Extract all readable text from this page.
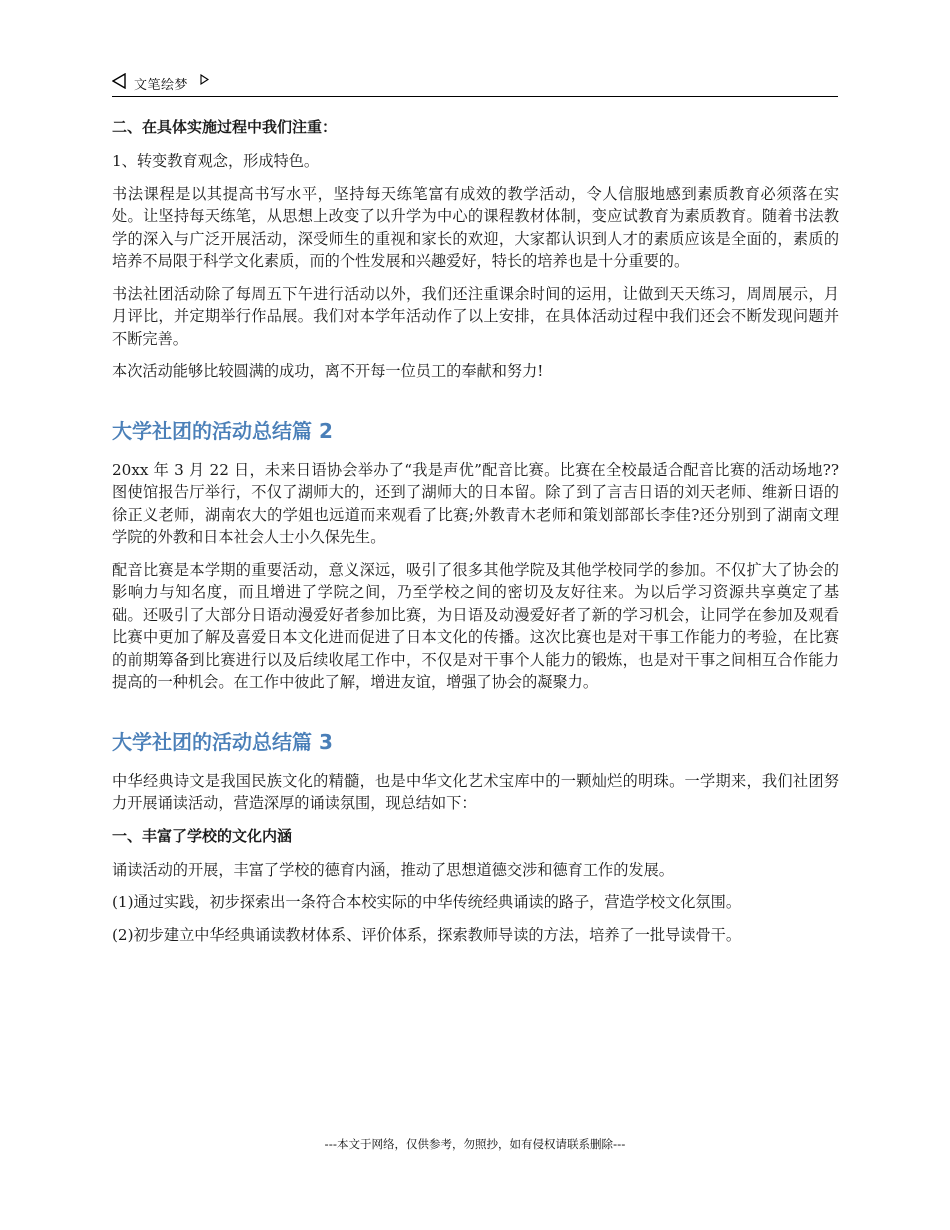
文笔绘梦
二、在具体实施过程中我们注重：

1、转变教育观念，形成特色。

书法课程是以其提高书写水平，坚持每天练笔富有成效的教学活动，令人信服地感到素质教育必须落在实处。让坚持每天练笔，从思想上改变了以升学为中心的课程教材体制，变应试教育为素质教育。随着书法教学的深入与广泛开展活动，深受师生的重视和家长的欢迎，大家都认识到人才的素质应该是全面的，素质的培养不局限于科学文化素质，而的个性发展和兴趣爱好，特长的培养也是十分重要的。

书法社团活动除了每周五下午进行活动以外，我们还注重课余时间的运用，让做到天天练习，周周展示，月月评比，并定期举行作品展。我们对本学年活动作了以上安排，在具体活动过程中我们还会不断发现问题并不断完善。

本次活动能够比较圆满的成功，离不开每一位员工的奉献和努力!

大学社团的活动总结篇 2

20xx 年 3 月 22 日，未来日语协会举办了“我是声优”配音比赛。比赛在全校最适合配音比赛的活动场地??图使馆报告厅举行，不仅了湖师大的，还到了湖师大的日本留。除了到了言吉日语的刘天老师、维新日语的徐正义老师，湖南农大的学姐也远道而来观看了比赛;外教青木老师和策划部部长李佳?还分别到了湖南文理学院的外教和日本社会人士小久保先生。

配音比赛是本学期的重要活动，意义深远，吸引了很多其他学院及其他学校同学的参加。不仅扩大了协会的影响力与知名度，而且增进了学院之间，乃至学校之间的密切及友好往来。为以后学习资源共享奠定了基础。还吸引了大部分日语动漫爱好者参加比赛，为日语及动漫爱好者了新的学习机会，让同学在参加及观看比赛中更加了解及喜爱日本文化进而促进了日本文化的传播。这次比赛也是对干事工作能力的考验，在比赛的前期筹备到比赛进行以及后续收尾工作中，不仅是对干事个人能力的锻炼，也是对干事之间相互合作能力提高的一种机会。在工作中彼此了解，增进友谊，增强了协会的凝聚力。

大学社团的活动总结篇 3

中华经典诗文是我国民族文化的精髓，也是中华文化艺术宝库中的一颗灿烂的明珠。一学期来，我们社团努力开展诵读活动，营造深厚的诵读氛围，现总结如下：

一、丰富了学校的文化内涵

诵读活动的开展，丰富了学校的德育内涵，推动了思想道德交涉和德育工作的发展。

(1)通过实践，初步探索出一条符合本校实际的中华传统经典诵读的路子，营造学校文化氛围。

(2)初步建立中华经典诵读教材体系、评价体系，探索教师导读的方法，培养了一批导读骨干。

---本文于网络，仅供参考，勿照抄，如有侵权请联系删除---
